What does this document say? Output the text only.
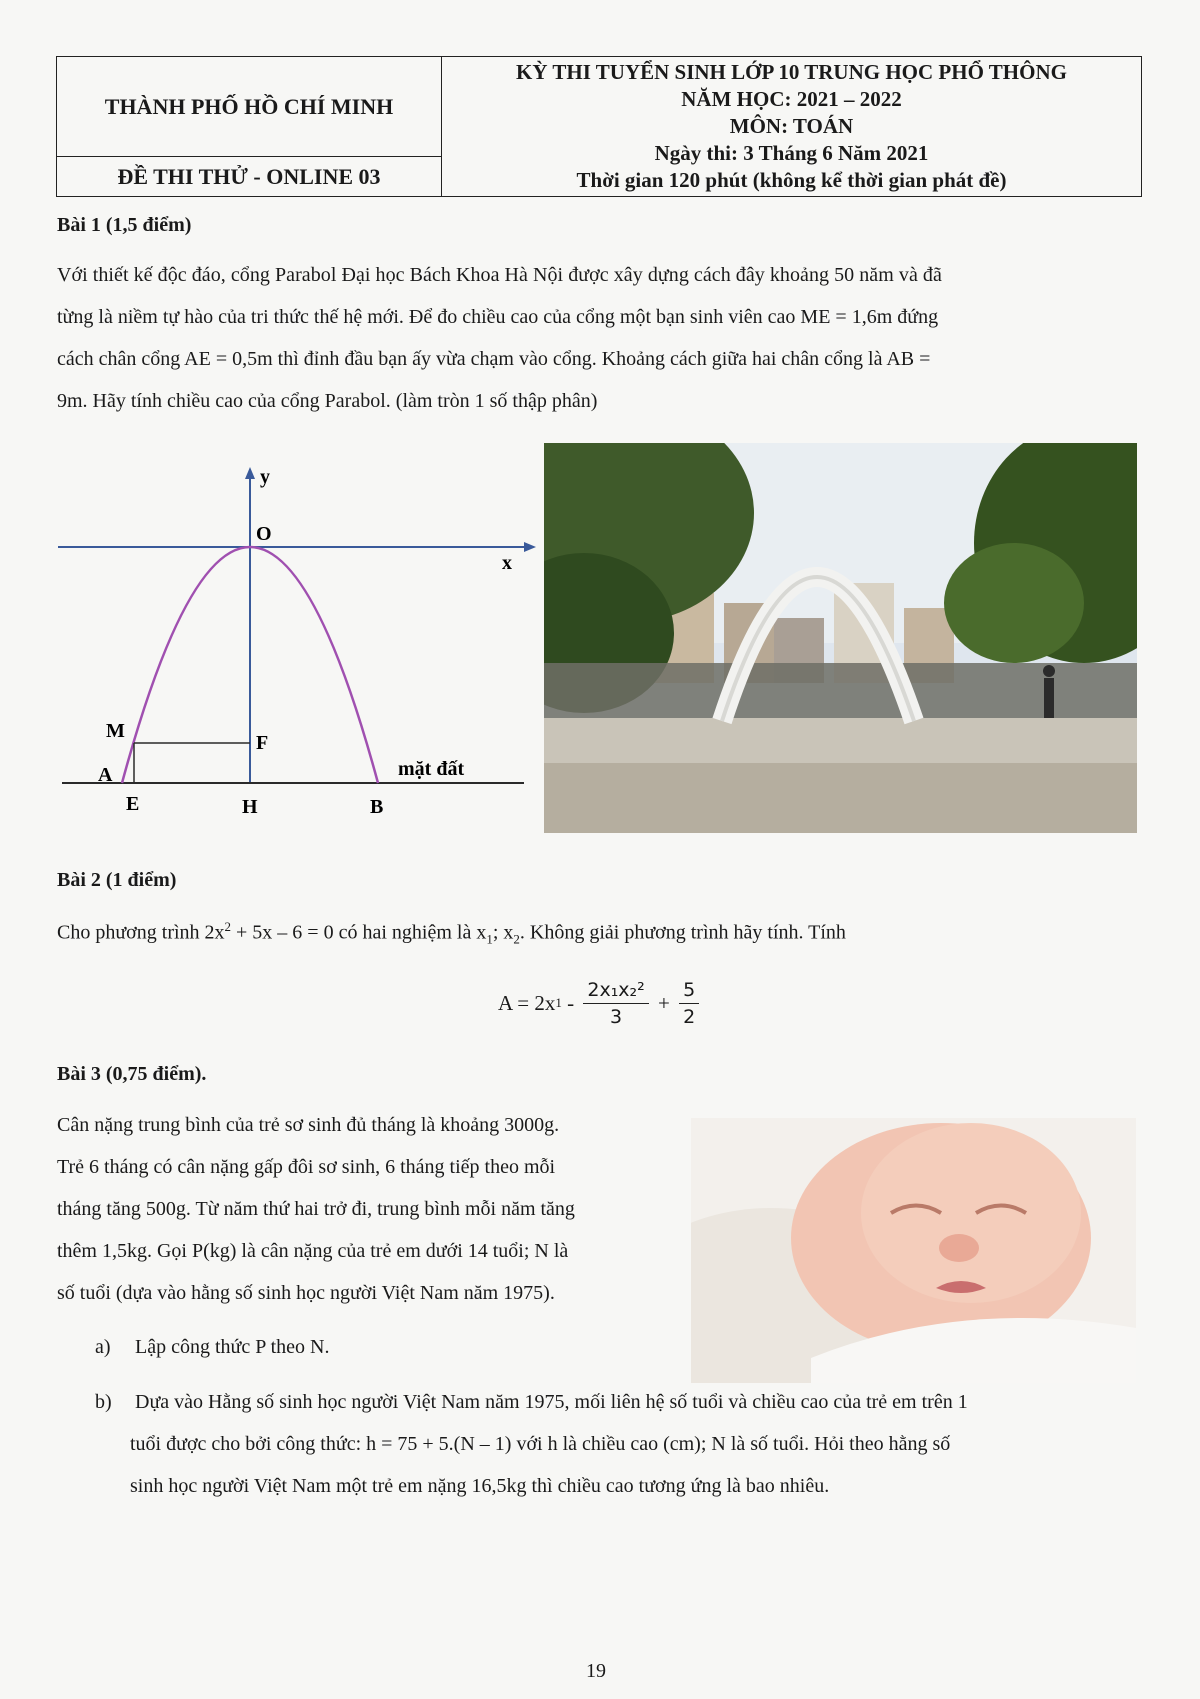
THÀNH PHỐ HỒ CHÍ MINH
ĐỀ THI THỬ - ONLINE 03
KỲ THI TUYỂN SINH LỚP 10 TRUNG HỌC PHỔ THÔNG
NĂM HỌC: 2021 – 2022
MÔN: TOÁN
Ngày thi: 3 Tháng 6 Năm 2021
Thời gian 120 phút (không kể thời gian phát đề)
Bài 1 (1,5 điểm)
Với thiết kế độc đáo, cổng Parabol Đại học Bách Khoa Hà Nội được xây dựng cách đây khoảng 50 năm và đã
từng là niềm tự hào của tri thức thế hệ mới. Để đo chiều cao của cổng một bạn sinh viên cao ME = 1,6m đứng
cách chân cổng AE = 0,5m thì đỉnh đầu bạn ấy vừa chạm vào cổng. Khoảng cách giữa hai chân cổng là AB =
9m. Hãy tính chiều cao của cổng Parabol. (làm tròn 1 số thập phân)
y
x
O
M
F
A
E	H	B
mặt đất
Bài 2 (1 điểm)
Cho phương trình $2x^2 + 5x - 6 = 0$ có hai nghiệm là $x_1$; $x_2$. Không giải phương trình hãy tính. Tính
A = 2x $1 - \frac{\text{2x₁x₂²}}{3} + \frac{5}{2}$
Bài 3 (0,75 điểm).
Cân nặng trung bình của trẻ sơ sinh đủ tháng là khoảng 3000g.
Trẻ 6 tháng có cân nặng gấp đôi sơ sinh, 6 tháng tiếp theo mỗi
tháng tăng 500g. Từ năm thứ hai trở đi, trung bình mỗi năm tăng
thêm 1,5kg. Gọi P(kg) là cân nặng của trẻ em dưới 14 tuổi; N là
số tuổi (dựa vào hằng số sinh học người Việt Nam năm 1975).
a) Lập công thức P theo N.
b) Dựa vào Hằng số sinh học người Việt Nam năm 1975, mối liên hệ số tuổi và chiều cao của trẻ em trên 1
tuổi được cho bởi công thức: h = 75 + 5.(N – 1) với h là chiều cao (cm); N là số tuổi. Hỏi theo hằng số
sinh học người Việt Nam một trẻ em nặng 16,5kg thì chiều cao tương ứng là bao nhiêu.
19
